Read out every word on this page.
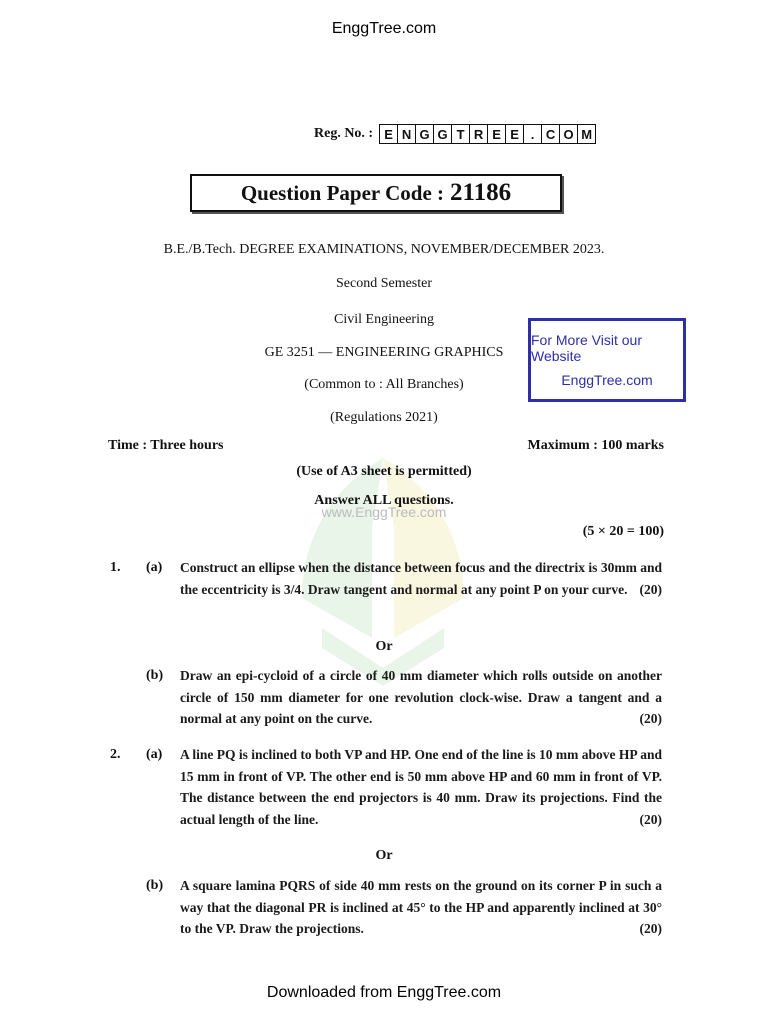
EnggTree.com
www.EnggTree.com
Reg. No. : E N G G T R E E . C O M
Question Paper Code : 21186
B.E./B.Tech. DEGREE EXAMINATIONS, NOVEMBER/DECEMBER 2023.
Second Semester
Civil Engineering
GE 3251 — ENGINEERING GRAPHICS
(Common to : All Branches)
(Regulations 2021)
For More Visit our Website
EnggTree.com
Time : Three hours	Maximum : 100 marks
(Use of A3 sheet is permitted)
Answer ALL questions.
(5 × 20 = 100)
1. (a) Construct an ellipse when the distance between focus and the directrix is 30mm and the eccentricity is 3/4. Draw tangent and normal at any point P on your curve. (20)
Or
(b) Draw an epi-cycloid of a circle of 40 mm diameter which rolls outside on another circle of 150 mm diameter for one revolution clock-wise. Draw a tangent and a normal at any point on the curve.	(20)
2. (a) A line PQ is inclined to both VP and HP. One end of the line is 10 mm above HP and 15 mm in front of VP. The other end is 50 mm above HP and 60 mm in front of VP. The distance between the end projectors is 40 mm. Draw its projections. Find the actual length of the line.	(20)
Or
(b) A square lamina PQRS of side 40 mm rests on the ground on its corner P in such a way that the diagonal PR is inclined at 45° to the HP and apparently inclined at 30° to the VP. Draw the projections.	(20)
Downloaded from EnggTree.com
